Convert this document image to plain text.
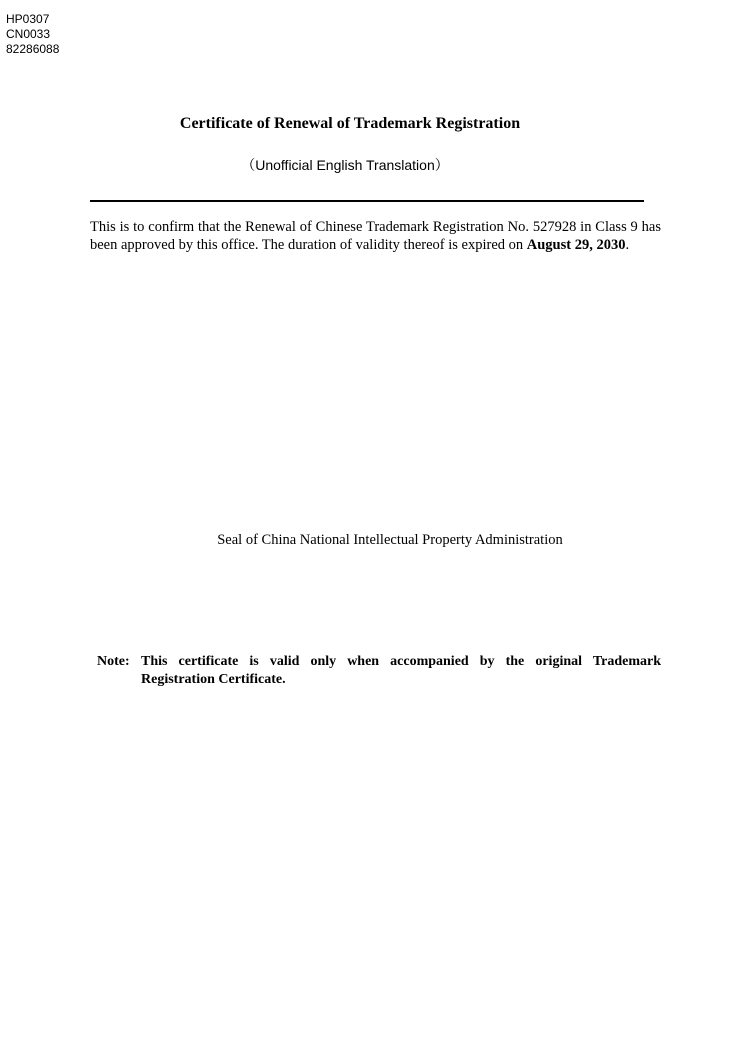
HP0307
CN0033
82286088
Certificate of Renewal of Trademark Registration
（Unofficial English Translation）
This is to confirm that the Renewal of Chinese Trademark Registration No. 527928 in Class 9 has been approved by this office. The duration of validity thereof is expired on August 29, 2030.
Seal of China National Intellectual Property Administration
Note: This certificate is valid only when accompanied by the original Trademark Registration Certificate.
